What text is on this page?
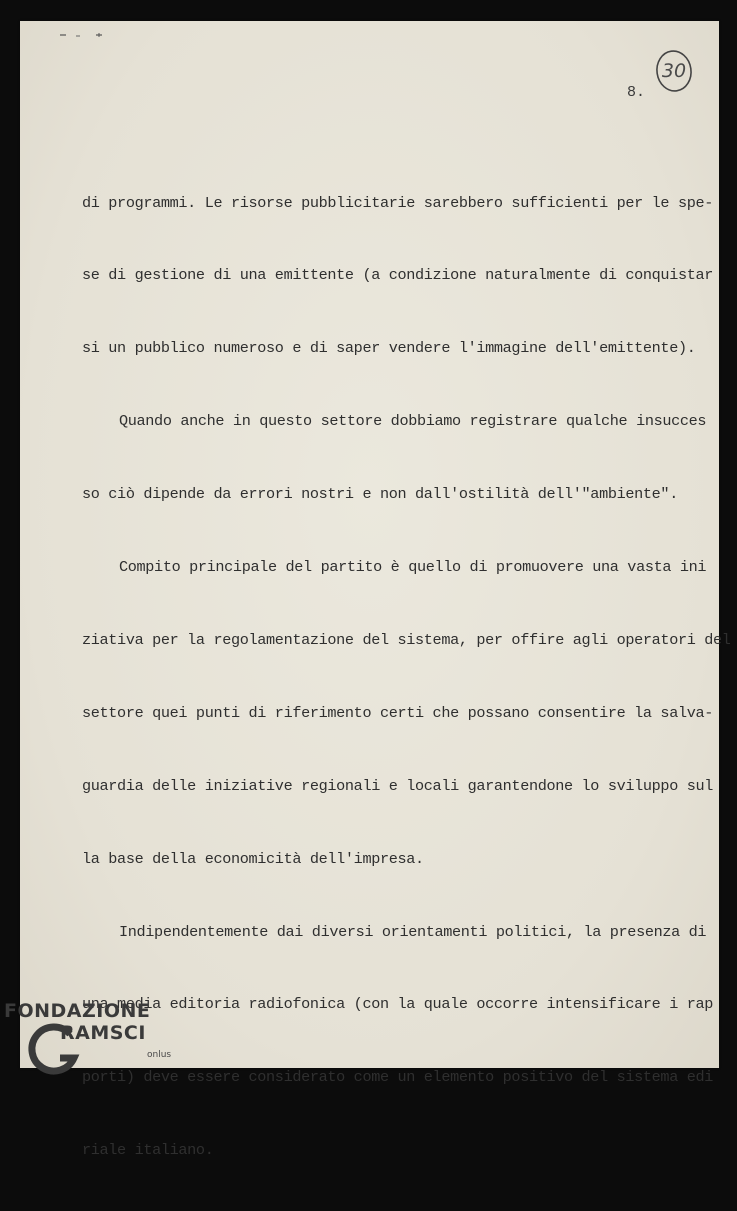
8.
30

di programmi. Le risorse pubblicitarie sarebbero sufficienti per le spe-

se di gestione di una emittente (a condizione naturalmente di conquistar

si un pubblico numeroso e di saper vendere l'immagine dell'emittente).

Quando anche in questo settore dobbiamo registrare qualche insucces

so ciò dipende da errori nostri e non dall'ostilità dell'"ambiente".

Compito principale del partito è quello di promuovere una vasta ini

ziativa per la regolamentazione del sistema, per offire agli operatori del

settore quei punti di riferimento certi che possano consentire la salva-

guardia delle iniziative regionali e locali garantendone lo sviluppo sul

la base della economicità dell'impresa.

Indipendentemente dai diversi orientamenti politici, la presenza di

una media editoria radiofonica (con la quale occorre intensificare i rap

porti) deve essere considerato come un elemento positivo del sistema edi

riale italiano.

FONDAZIONE
RAMSCI
onlus
